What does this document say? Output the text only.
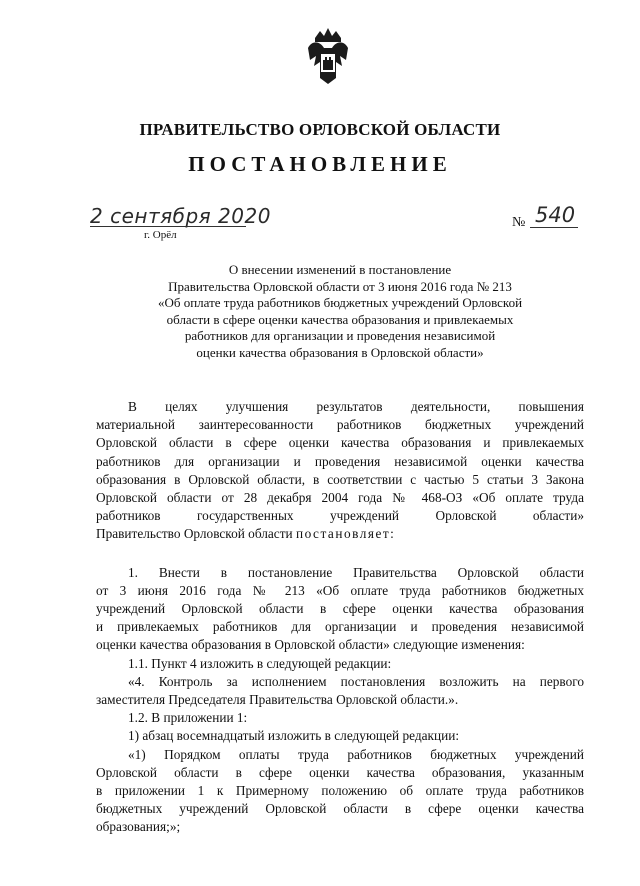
ПРАВИТЕЛЬСТВО ОРЛОВСКОЙ ОБЛАСТИ
ПОСТАНОВЛЕНИЕ
2 сентября 2020
г. Орёл
№ 540
О внесении изменений в постановление
Правительства Орловской области от 3 июня 2016 года № 213
«Об оплате труда работников бюджетных учреждений Орловской
области в сфере оценки качества образования и привлекаемых
работников для организации и проведения независимой
оценки качества образования в Орловской области»

В целях улучшения результатов деятельности, повышения

материальной заинтересованности работников бюджетных учреждений

Орловской области в сфере оценки качества образования и привлекаемых

работников для организации и проведения независимой оценки качества

образования в Орловской области, в соответствии с частью 5 статьи 3 Закона

Орловской области от 28 декабря 2004 года № 468-ОЗ «Об оплате труда

работников государственных учреждений Орловской области»

Правительство Орловской области постановляет:

1. Внести в постановление Правительства Орловской области

от 3 июня 2016 года № 213 «Об оплате труда работников бюджетных

учреждений Орловской области в сфере оценки качества образования

и привлекаемых работников для организации и проведения независимой

оценки качества образования в Орловской области» следующие изменения:

1.1. Пункт 4 изложить в следующей редакции:

«4. Контроль за исполнением постановления возложить на первого

заместителя Председателя Правительства Орловской области.».

1.2. В приложении 1:

1) абзац восемнадцатый изложить в следующей редакции:

«1) Порядком оплаты труда работников бюджетных учреждений

Орловской области в сфере оценки качества образования, указанным

в приложении 1 к Примерному положению об оплате труда работников

бюджетных учреждений Орловской области в сфере оценки качества

образования;»;
